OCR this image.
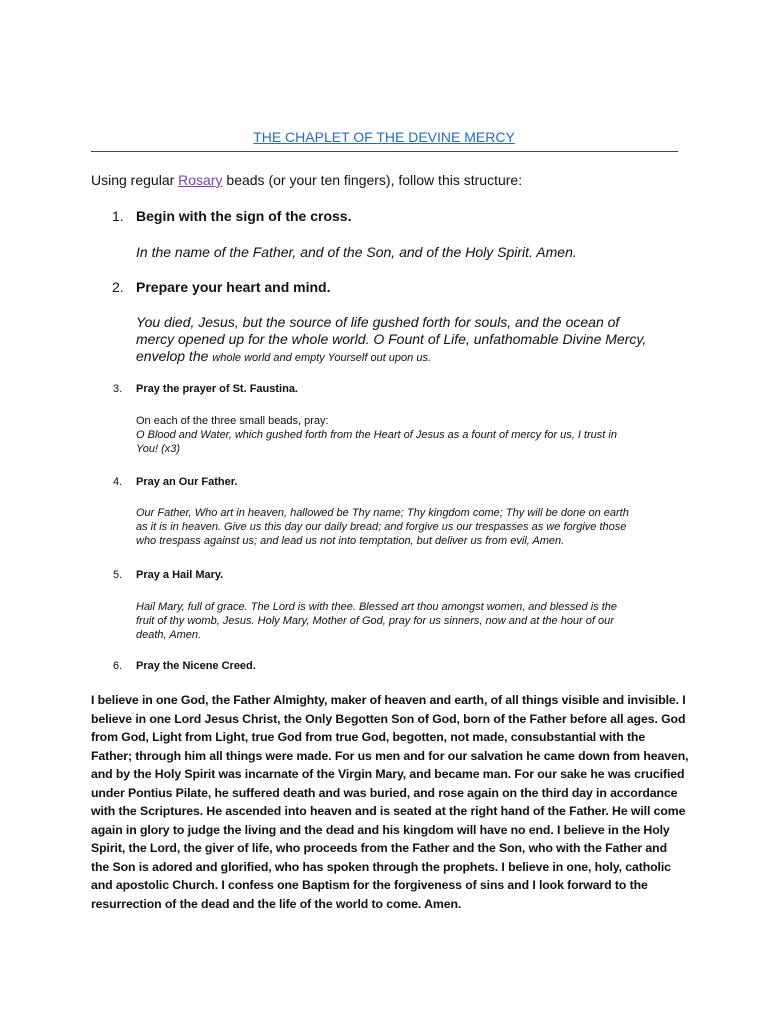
THE CHAPLET OF THE DEVINE MERCY
Using regular Rosary beads (or your ten fingers), follow this structure:
1. Begin with the sign of the cross.
In the name of the Father, and of the Son, and of the Holy Spirit. Amen.
2. Prepare your heart and mind.
You died, Jesus, but the source of life gushed forth for souls, and the ocean of
mercy opened up for the whole world. O Fount of Life, unfathomable Divine Mercy,
envelop the whole world and empty Yourself out upon us.
3. Pray the prayer of St. Faustina.
On each of the three small beads, pray:
O Blood and Water, which gushed forth from the Heart of Jesus as a fount of mercy for us, I trust in
You! (x3)
4. Pray an Our Father.
Our Father, Who art in heaven, hallowed be Thy name; Thy kingdom come; Thy will be done on earth
as it is in heaven. Give us this day our daily bread; and forgive us our trespasses as we forgive those
who trespass against us; and lead us not into temptation, but deliver us from evil, Amen.
5. Pray a Hail Mary.
Hail Mary, full of grace. The Lord is with thee. Blessed art thou amongst women, and blessed is the
fruit of thy womb, Jesus. Holy Mary, Mother of God, pray for us sinners, now and at the hour of our
death, Amen.
6. Pray the Nicene Creed.
I believe in one God, the Father Almighty, maker of heaven and earth, of all things visible and invisible. I
believe in one Lord Jesus Christ, the Only Begotten Son of God, born of the Father before all ages. God
from God, Light from Light, true God from true God, begotten, not made, consubstantial with the
Father; through him all things were made. For us men and for our salvation he came down from heaven,
and by the Holy Spirit was incarnate of the Virgin Mary, and became man. For our sake he was crucified
under Pontius Pilate, he suffered death and was buried, and rose again on the third day in accordance
with the Scriptures. He ascended into heaven and is seated at the right hand of the Father. He will come
again in glory to judge the living and the dead and his kingdom will have no end. I believe in the Holy
Spirit, the Lord, the giver of life, who proceeds from the Father and the Son, who with the Father and
the Son is adored and glorified, who has spoken through the prophets. I believe in one, holy, catholic
and apostolic Church. I confess one Baptism for the forgiveness of sins and I look forward to the
resurrection of the dead and the life of the world to come. Amen.
